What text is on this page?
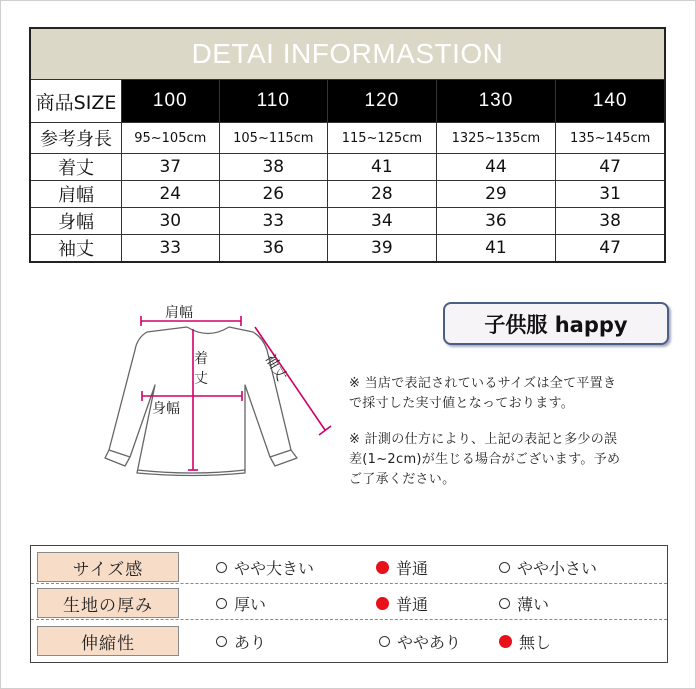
DETAI INFORMASTION					
商品SIZE	100	110	120	130	140
参考身長	95~105cm	105~115cm	115~125cm	1325~135cm	135~145cm
着丈	37	38	41	44	47
肩幅	24	26	28	29	31
身幅	30	33	34	36	38
袖丈	33	36	39	41	47
肩幅
着
丈
身幅
袖丈
子供服 happy
※ 当店で表記されているサイズは全て平置き
で採寸した実寸値となっております。
※ 計測の仕方により、上記の表記と多少の誤
差(1~2cm)が生じる場合がございます。予め
ご了承ください。
サイズ感	やや大きい	普通	やや小さい
生地の厚み	厚い	普通	薄い
伸縮性	あり	ややあり	無し
